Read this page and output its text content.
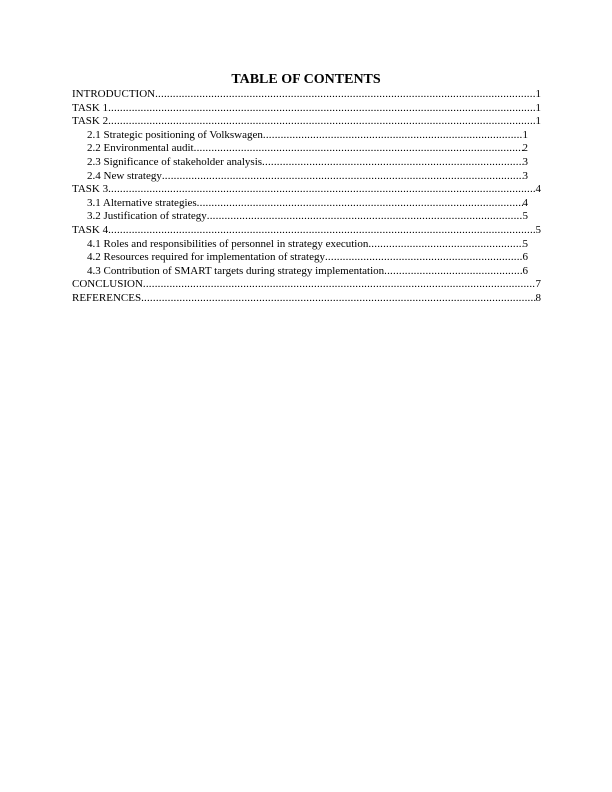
TABLE OF CONTENTS
INTRODUCTION .....	1
TASK 1 .....	1
TASK 2 .....	1
2.1 Strategic positioning of Volkswagen .....	1
2.2 Environmental audit .....	2
2.3 Significance of stakeholder analysis .....	3
2.4 New strategy .....	3
TASK 3 .....	4
3.1 Alternative strategies .....	4
3.2 Justification of strategy .....	5
TASK 4 .....	5
4.1 Roles and responsibilities of personnel in strategy execution .....	5
4.2 Resources required for implementation of strategy .....	6
4.3 Contribution of SMART targets during strategy implementation .....	6
CONCLUSION .....	7
REFERENCES .....	8
